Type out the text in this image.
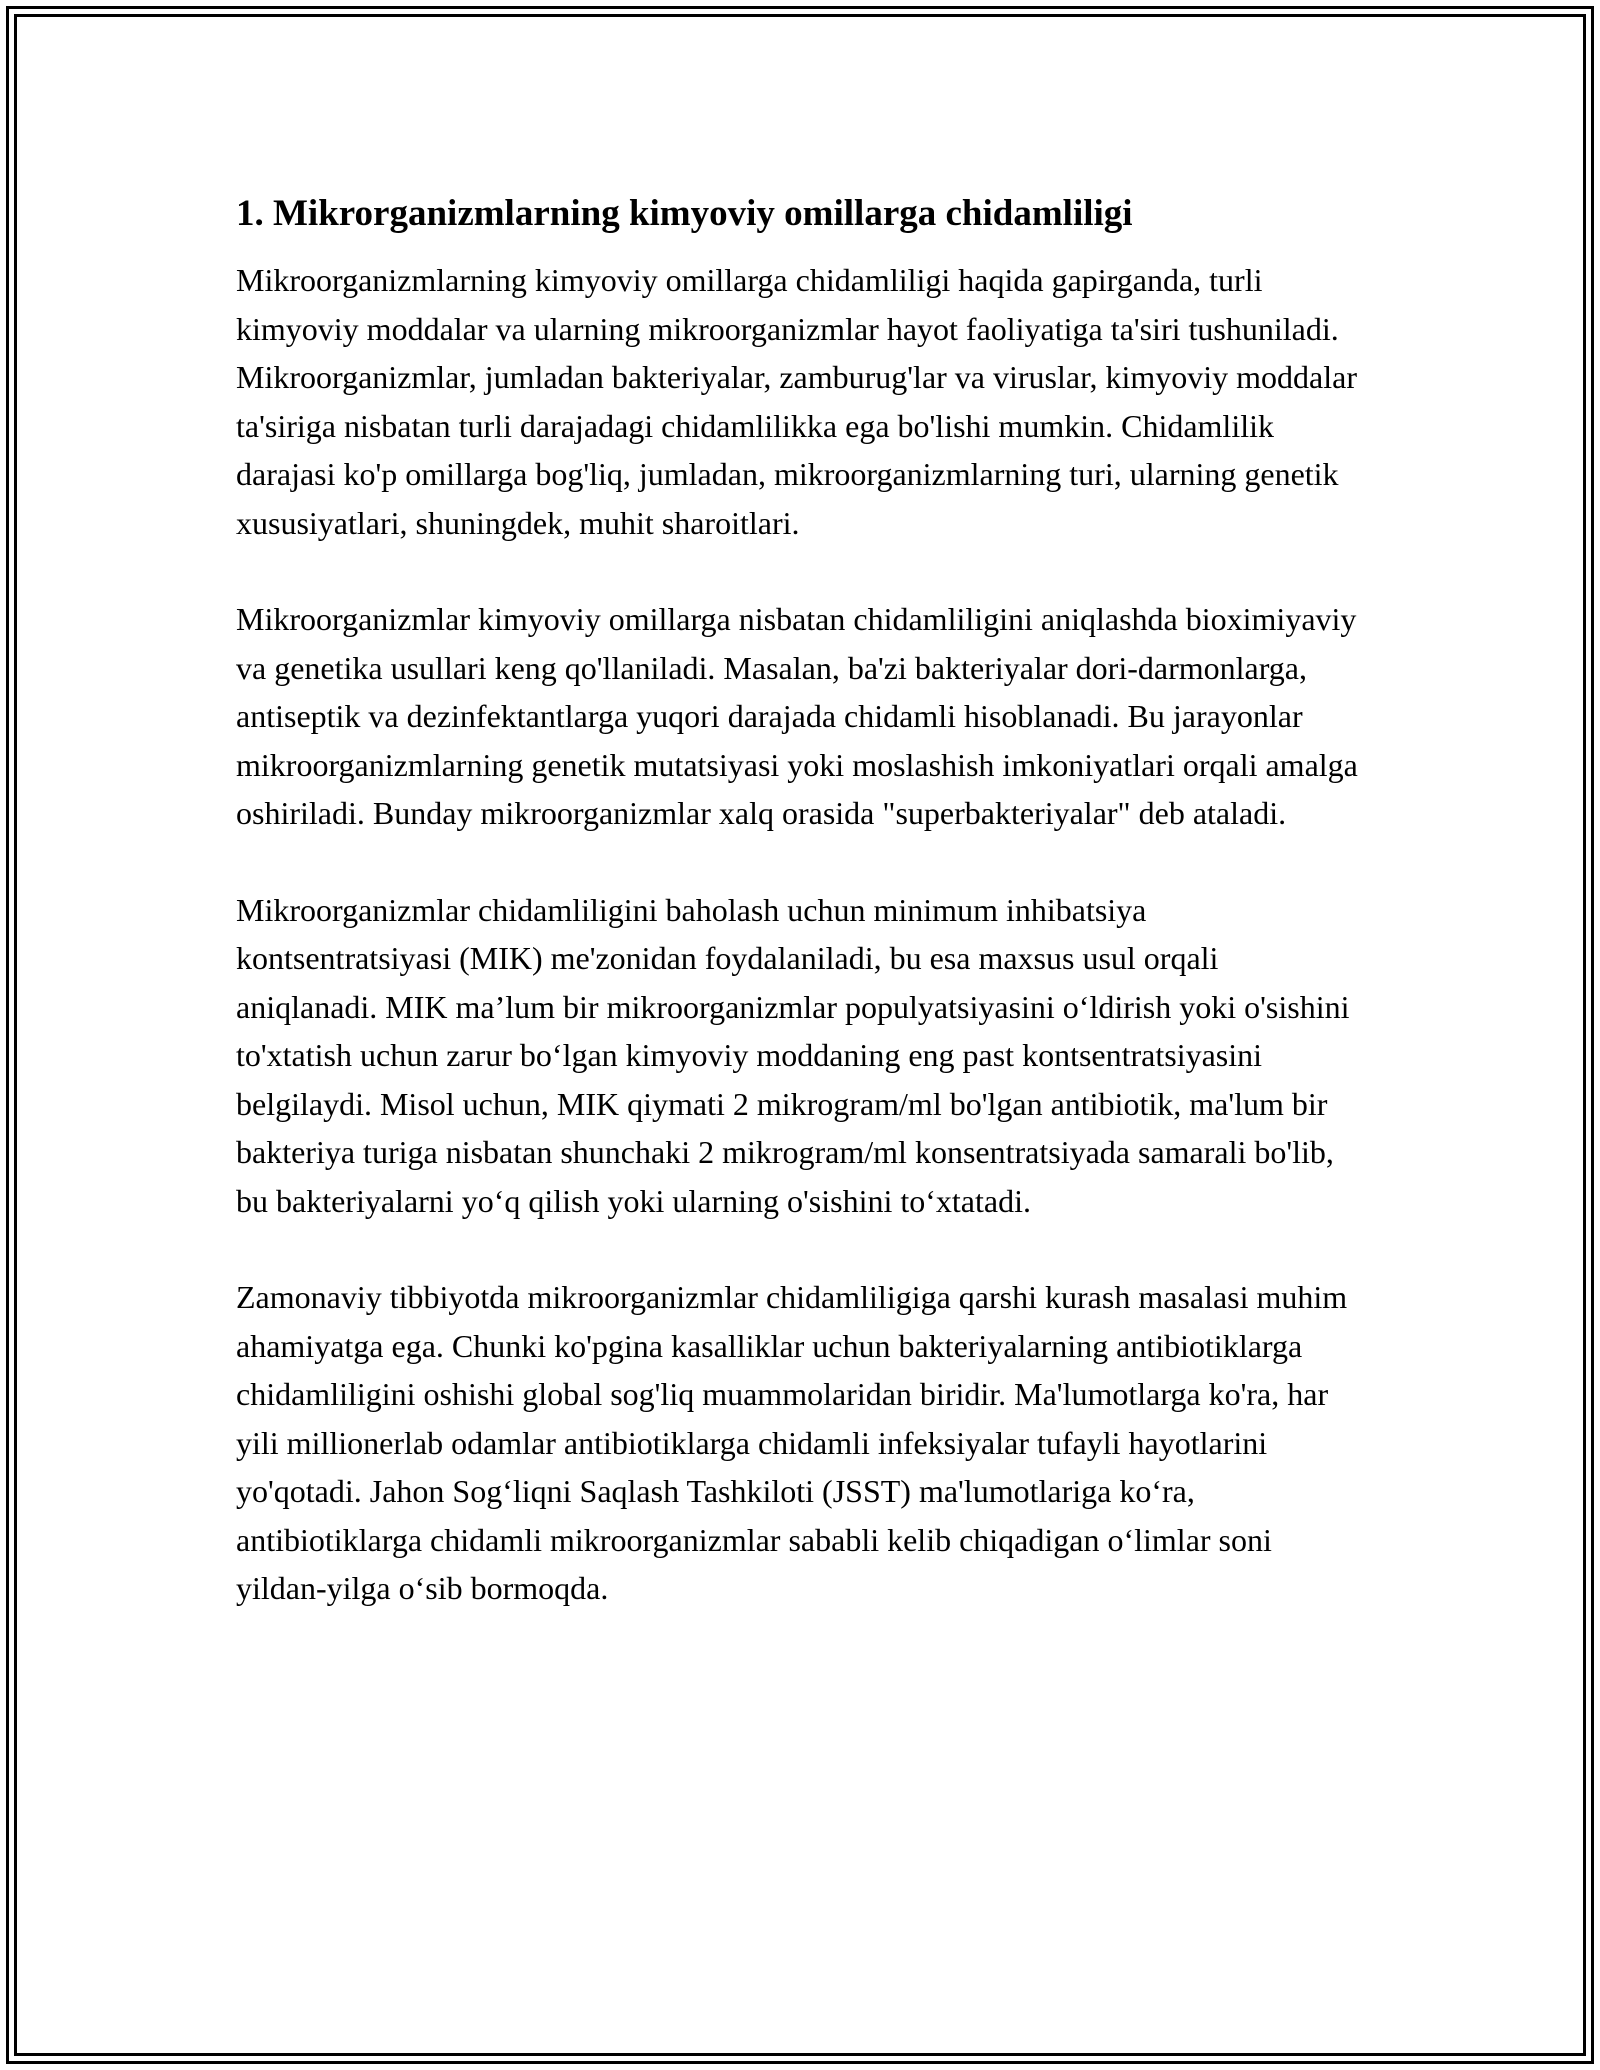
1. Mikrorganizmlarning kimyoviy omillarga chidamliligi

Mikroorganizmlarning kimyoviy omillarga chidamliligi haqida gapirganda, turli kimyoviy moddalar va ularning mikroorganizmlar hayot faoliyatiga ta'siri tushuniladi. Mikroorganizmlar, jumladan bakteriyalar, zamburug'lar va viruslar, kimyoviy moddalar ta'siriga nisbatan turli darajadagi chidamlilikka ega bo'lishi mumkin. Chidamlilik darajasi ko'p omillarga bog'liq, jumladan, mikroorganizmlarning turi, ularning genetik xususiyatlari, shuningdek, muhit sharoitlari.

Mikroorganizmlar kimyoviy omillarga nisbatan chidamliligini aniqlashda bioximiyaviy va genetika usullari keng qo'llaniladi. Masalan, ba'zi bakteriyalar dori-darmonlarga, antiseptik va dezinfektantlarga yuqori darajada chidamli hisoblanadi. Bu jarayonlar mikroorganizmlarning genetik mutatsiyasi yoki moslashish imkoniyatlari orqali amalga oshiriladi. Bunday mikroorganizmlar xalq orasida "superbakteriyalar" deb ataladi.

Mikroorganizmlar chidamliligini baholash uchun minimum inhibatsiya kontsentratsiyasi (MIK) me'zonidan foydalaniladi, bu esa maxsus usul orqali aniqlanadi. MIK ma’lum bir mikroorganizmlar populyatsiyasini o‘ldirish yoki o'sishini to'xtatish uchun zarur bo‘lgan kimyoviy moddaning eng past kontsentratsiyasini belgilaydi. Misol uchun, MIK qiymati 2 mikrogram/ml bo'lgan antibiotik, ma'lum bir bakteriya turiga nisbatan shunchaki 2 mikrogram/ml konsentratsiyada samarali bo'lib, bu bakteriyalarni yo‘q qilish yoki ularning o'sishini to‘xtatadi.

Zamonaviy tibbiyotda mikroorganizmlar chidamliligiga qarshi kurash masalasi muhim ahamiyatga ega. Chunki ko'pgina kasalliklar uchun bakteriyalarning antibiotiklarga chidamliligini oshishi global sog'liq muammolaridan biridir. Ma'lumotlarga ko'ra, har yili millionerlab odamlar antibiotiklarga chidamli infeksiyalar tufayli hayotlarini yo'qotadi. Jahon Sog‘liqni Saqlash Tashkiloti (JSST) ma'lumotlariga ko‘ra, antibiotiklarga chidamli mikroorganizmlar sababli kelib chiqadigan o‘limlar soni yildan-yilga o‘sib bormoqda.
